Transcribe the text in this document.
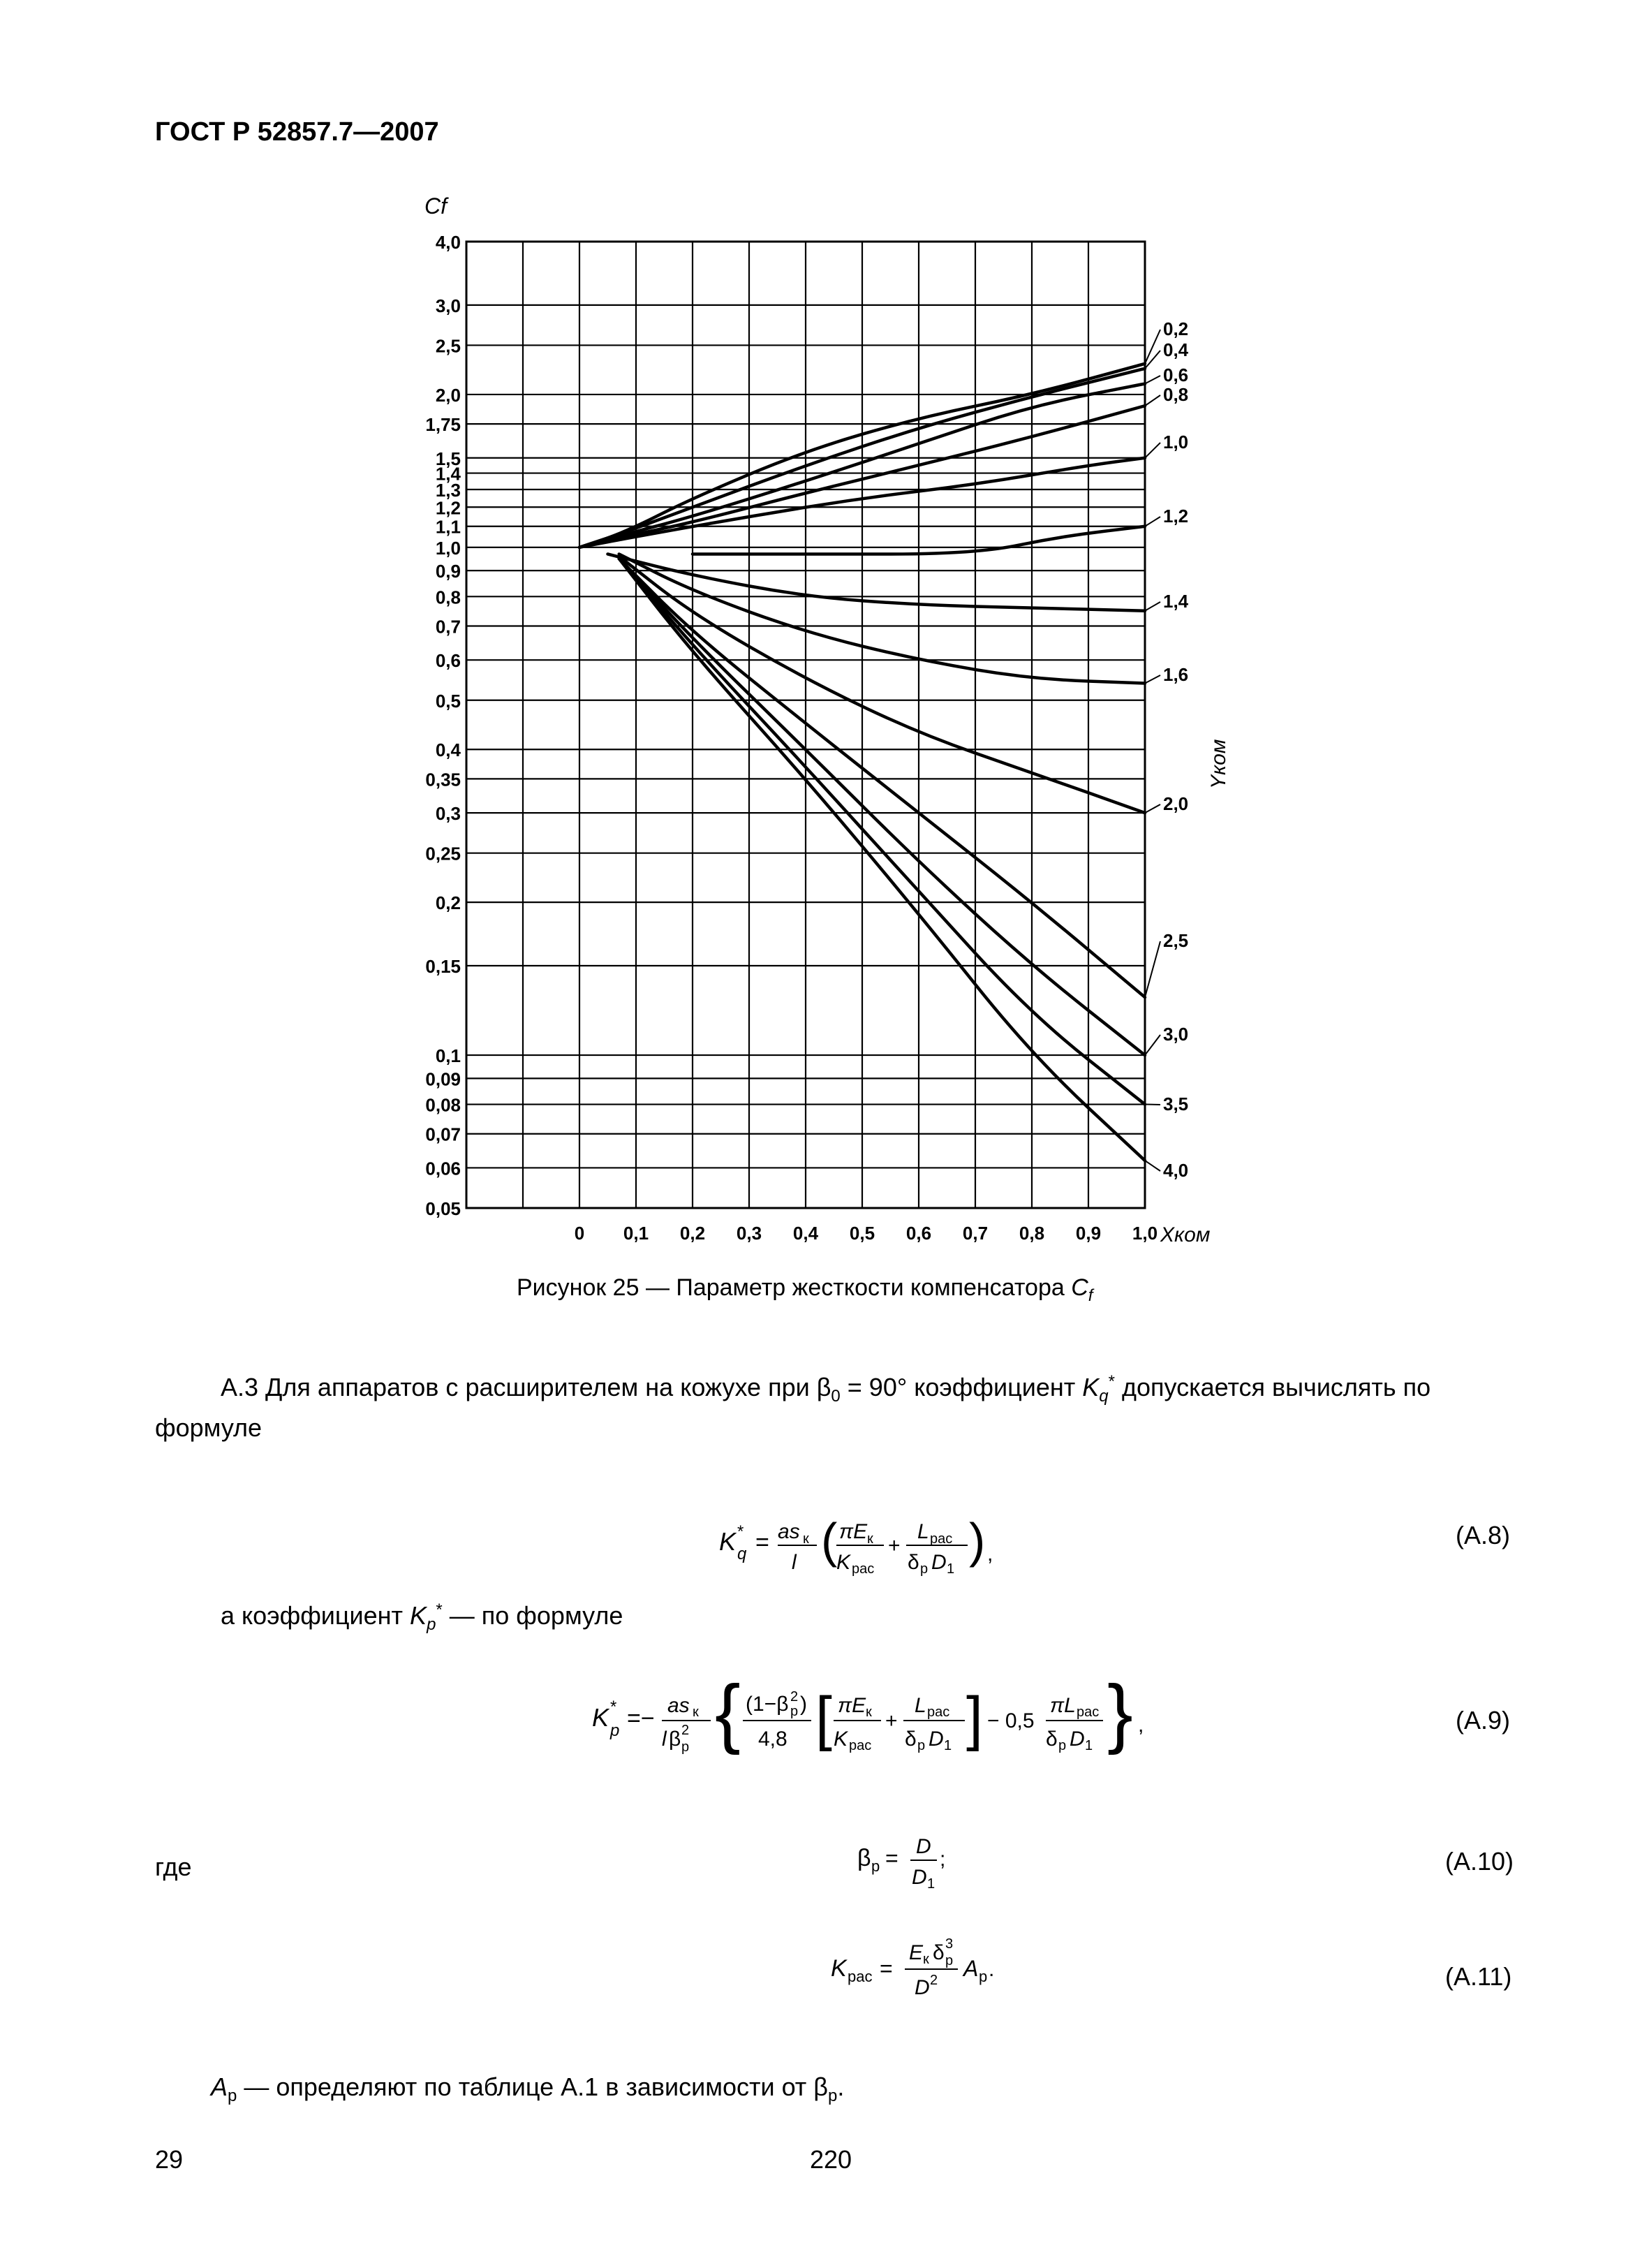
ГОСТ Р 52857.7—2007
4,0
3,0
2,5
2,0
1,75
1,5
1,4
1,3
1,2
1,1
1,0
0,9
0,8
0,7
0,6
0,5
0,4
0,35
0,3
0,25
0,2
0,15
0,1
0,09
0,08
0,07
0,06
0,05
0 0,1 0,2 0,3 0,4 0,5 0,6 0,7 0,8 0,9 1,0
Cf
Xком
Yком
0,2
0,4
0,6
0,8
1,0
1,2
1,4
1,6
2,0
2,5
3,0
3,5
4,0
Рисунок 25 — Параметр жесткости компенсатора $C_f$
А.3 Для аппаратов с расширителем на кожухе при $\beta_0 = 90^\circ$ коэффициент $K_q^*$ допускается вычислять по
формуле
K q
* = as к
l ( πE к
K рас
+
L рас
δ р D 1
) ,
(А.8)
а коэффициент $K_p^*$ — по формуле
K p
* =− as к
l β р
2 { (1−β р
2 )
4,8 [ πE к
K рас
+
L рас
δ р D 1 ] − 0,5
πL рас
δ р D 1 } ,	(А.9)
где	β р = D
D 1
;	(А.10)
K рас =
E к δ р
3
D 2 A р .	(А.11)
$A_р$ — определяют по таблице А.1 в зависимости от $\beta_р$.
29	220
